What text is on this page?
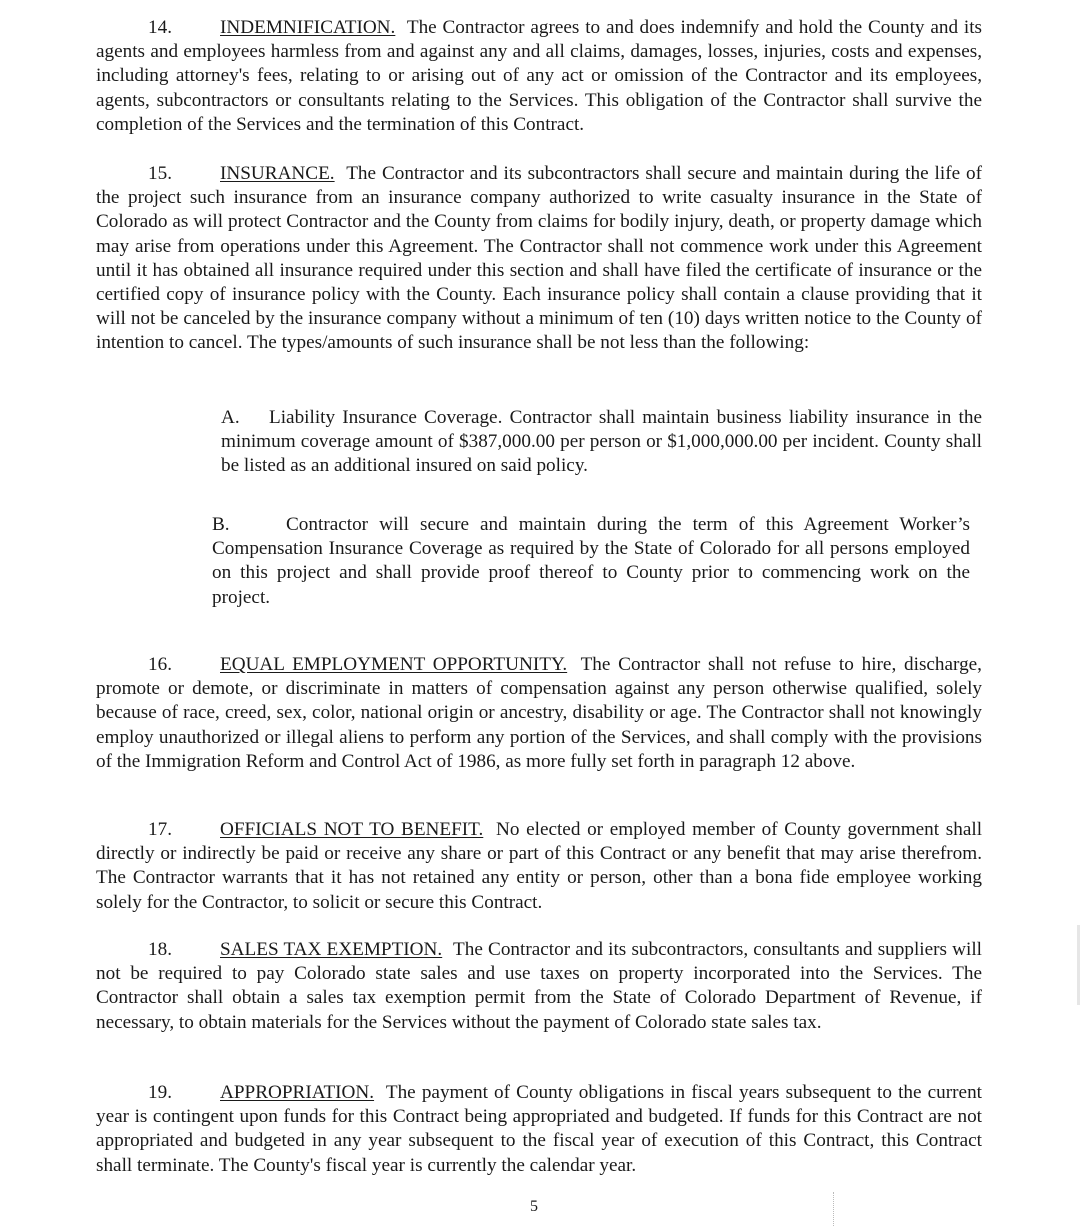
14.	INDEMNIFICATION. The Contractor agrees to and does indemnify and hold the County and its agents and employees harmless from and against any and all claims, damages, losses, injuries, costs and expenses, including attorney's fees, relating to or arising out of any act or omission of the Contractor and its employees, agents, subcontractors or consultants relating to the Services. This obligation of the Contractor shall survive the completion of the Services and the termination of this Contract.
15.	INSURANCE. The Contractor and its subcontractors shall secure and maintain during the life of the project such insurance from an insurance company authorized to write casualty insurance in the State of Colorado as will protect Contractor and the County from claims for bodily injury, death, or property damage which may arise from operations under this Agreement. The Contractor shall not commence work under this Agreement until it has obtained all insurance required under this section and shall have filed the certificate of insurance or the certified copy of insurance policy with the County. Each insurance policy shall contain a clause providing that it will not be canceled by the insurance company without a minimum of ten (10) days written notice to the County of intention to cancel. The types/amounts of such insurance shall be not less than the following:
A. Liability Insurance Coverage. Contractor shall maintain business liability insurance in the minimum coverage amount of $387,000.00 per person or $1,000,000.00 per incident. County shall be listed as an additional insured on said policy.
B.	Contractor will secure and maintain during the term of this Agreement Worker’s Compensation Insurance Coverage as required by the State of Colorado for all persons employed on this project and shall provide proof thereof to County prior to commencing work on the project.
16.	EQUAL EMPLOYMENT OPPORTUNITY. The Contractor shall not refuse to hire, discharge, promote or demote, or discriminate in matters of compensation against any person otherwise qualified, solely because of race, creed, sex, color, national origin or ancestry, disability or age. The Contractor shall not knowingly employ unauthorized or illegal aliens to perform any portion of the Services, and shall comply with the provisions of the Immigration Reform and Control Act of 1986, as more fully set forth in paragraph 12 above.
17.	OFFICIALS NOT TO BENEFIT. No elected or employed member of County government shall directly or indirectly be paid or receive any share or part of this Contract or any benefit that may arise therefrom. The Contractor warrants that it has not retained any entity or person, other than a bona fide employee working solely for the Contractor, to solicit or secure this Contract.
18.	SALES TAX EXEMPTION. The Contractor and its subcontractors, consultants and suppliers will not be required to pay Colorado state sales and use taxes on property incorporated into the Services. The Contractor shall obtain a sales tax exemption permit from the State of Colorado Department of Revenue, if necessary, to obtain materials for the Services without the payment of Colorado state sales tax.
19.	APPROPRIATION. The payment of County obligations in fiscal years subsequent to the current year is contingent upon funds for this Contract being appropriated and budgeted. If funds for this Contract are not appropriated and budgeted in any year subsequent to the fiscal year of execution of this Contract, this Contract shall terminate. The County's fiscal year is currently the calendar year.
5
